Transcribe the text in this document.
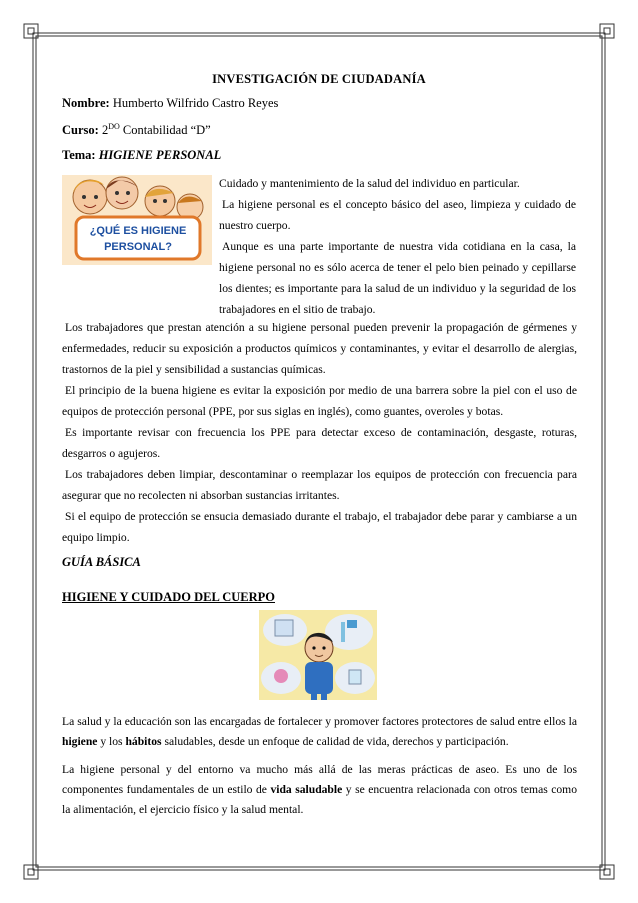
INVESTIGACIÓN DE CIUDADANÍA
Nombre: Humberto Wilfrido Castro Reyes
Curso: $2^{DO}$ Contabilidad “D”
Tema: HIGIENE PERSONAL
¿QUÉ ES HIGIENE
PERSONAL?

Cuidado y mantenimiento de la salud del individuo en particular.

La higiene personal es el concepto básico del aseo, limpieza y cuidado de nuestro cuerpo.

Aunque es una parte importante de nuestra vida cotidiana en la casa, la higiene personal no es sólo acerca de tener el pelo bien peinado y cepillarse los dientes; es importante para la salud de un individuo y la seguridad de los trabajadores en el sitio de trabajo.

Los trabajadores que prestan atención a su higiene personal pueden prevenir la propagación de gérmenes y enfermedades, reducir su exposición a productos químicos y contaminantes, y evitar el desarrollo de alergias, trastornos de la piel y sensibilidad a sustancias químicas.

El principio de la buena higiene es evitar la exposición por medio de una barrera sobre la piel con el uso de equipos de protección personal (PPE, por sus siglas en inglés), como guantes, overoles y botas.

Es importante revisar con frecuencia los PPE para detectar exceso de contaminación, desgaste, roturas, desgarros o agujeros.

Los trabajadores deben limpiar, descontaminar o reemplazar los equipos de protección con frecuencia para asegurar que no recolecten ni absorban sustancias irritantes.

Si el equipo de protección se ensucia demasiado durante el trabajo, el trabajador debe parar y cambiarse a un equipo limpio.

GUÍA BÁSICA
HIGIENE Y CUIDADO DEL CUERPO

La salud y la educación son las encargadas de fortalecer y promover factores protectores de salud entre ellos la higiene y los hábitos saludables, desde un enfoque de calidad de vida, derechos y participación.

La higiene personal y del entorno va mucho más allá de las meras prácticas de aseo. Es uno de los componentes fundamentales de un estilo de vida saludable y se encuentra relacionada con otros temas como la alimentación, el ejercicio físico y la salud mental.
